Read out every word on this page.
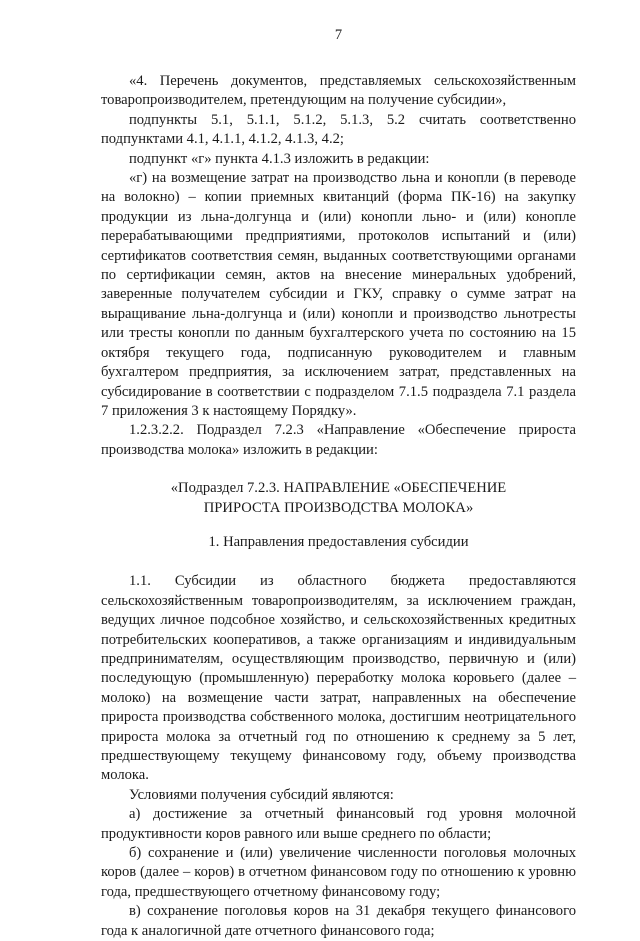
7

«4. Перечень документов, представляемых сельскохозяйственным товаропроизводителем, претендующим на получение субсидии»,

подпункты 5.1, 5.1.1, 5.1.2, 5.1.3, 5.2 считать соответственно подпунктами 4.1, 4.1.1, 4.1.2, 4.1.3, 4.2;

подпункт «г» пункта 4.1.3 изложить в редакции:

«г) на возмещение затрат на производство льна и конопли (в переводе на волокно) – копии приемных квитанций (форма ПК-16) на закупку продукции из льна-долгунца и (или) конопли льно- и (или) конопле перерабатывающими предприятиями, протоколов испытаний и (или) сертификатов соответствия семян, выданных соответствующими органами по сертификации семян, актов на внесение минеральных удобрений, заверенные получателем субсидии и ГКУ, справку о сумме затрат на выращивание льна-долгунца и (или) конопли и производство льнотресты или тресты конопли по данным бухгалтерского учета по состоянию на 15 октября текущего года, подписанную руководителем и главным бухгалтером предприятия, за исключением затрат, представленных на субсидирование в соответствии с подразделом 7.1.5 подраздела 7.1 раздела 7 приложения 3 к настоящему Порядку».

1.2.3.2.2. Подраздел 7.2.3 «Направление «Обеспечение прироста производства молока» изложить в редакции:

«Подраздел 7.2.3. НАПРАВЛЕНИЕ «ОБЕСПЕЧЕНИЕ

ПРИРОСТА ПРОИЗВОДСТВА МОЛОКА»

1. Направления предоставления субсидии

1.1. Субсидии из областного бюджета предоставляются сельскохозяйственным товаропроизводителям, за исключением граждан, ведущих личное подсобное хозяйство, и сельскохозяйственных кредитных потребительских кооперативов, а также организациям и индивидуальным предпринимателям, осуществляющим производство, первичную и (или) последующую (промышленную) переработку молока коровьего (далее – молоко) на возмещение части затрат, направленных на обеспечение прироста производства собственного молока, достигшим неотрицательного прироста молока за отчетный год по отношению к среднему за 5 лет, предшествующему текущему финансовому году, объему производства молока.

Условиями получения субсидий являются:

а) достижение за отчетный финансовый год уровня молочной продуктивности коров равного или выше среднего по области;

б) сохранение и (или) увеличение численности поголовья молочных коров (далее – коров) в отчетном финансовом году по отношению к уровню года, предшествующего отчетному финансовому году;

в) сохранение поголовья коров на 31 декабря текущего финансового года к аналогичной дате отчетного финансового года;
